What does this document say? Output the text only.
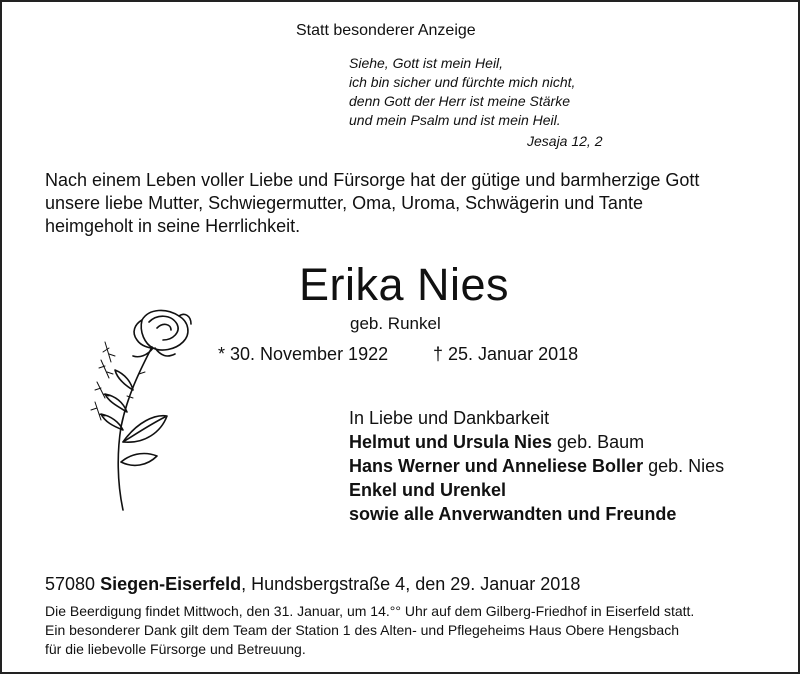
Statt besonderer Anzeige
Siehe, Gott ist mein Heil,
ich bin sicher und fürchte mich nicht,
denn Gott der Herr ist meine Stärke
und mein Psalm und ist mein Heil.
Jesaja 12, 2
Nach einem Leben voller Liebe und Fürsorge hat der gütige und barmherzige Gott
unsere liebe Mutter, Schwiegermutter, Oma, Uroma, Schwägerin und Tante
heimgeholt in seine Herrlichkeit.
Erika Nies
geb. Runkel
* 30. November 1922 † 25. Januar 2018
In Liebe und Dankbarkeit
Helmut und Ursula Nies geb. Baum
Hans Werner und Anneliese Boller geb. Nies
Enkel und Urenkel
sowie alle Anverwandten und Freunde
57080 Siegen-Eiserfeld, Hundsbergstraße 4, den 29. Januar 2018
Die Beerdigung findet Mittwoch, den 31. Januar, um 14.°° Uhr auf dem Gilberg-Friedhof in Eiserfeld statt.
Ein besonderer Dank gilt dem Team der Station 1 des Alten- und Pflegeheims Haus Obere Hengsbach
für die liebevolle Fürsorge und Betreuung.
